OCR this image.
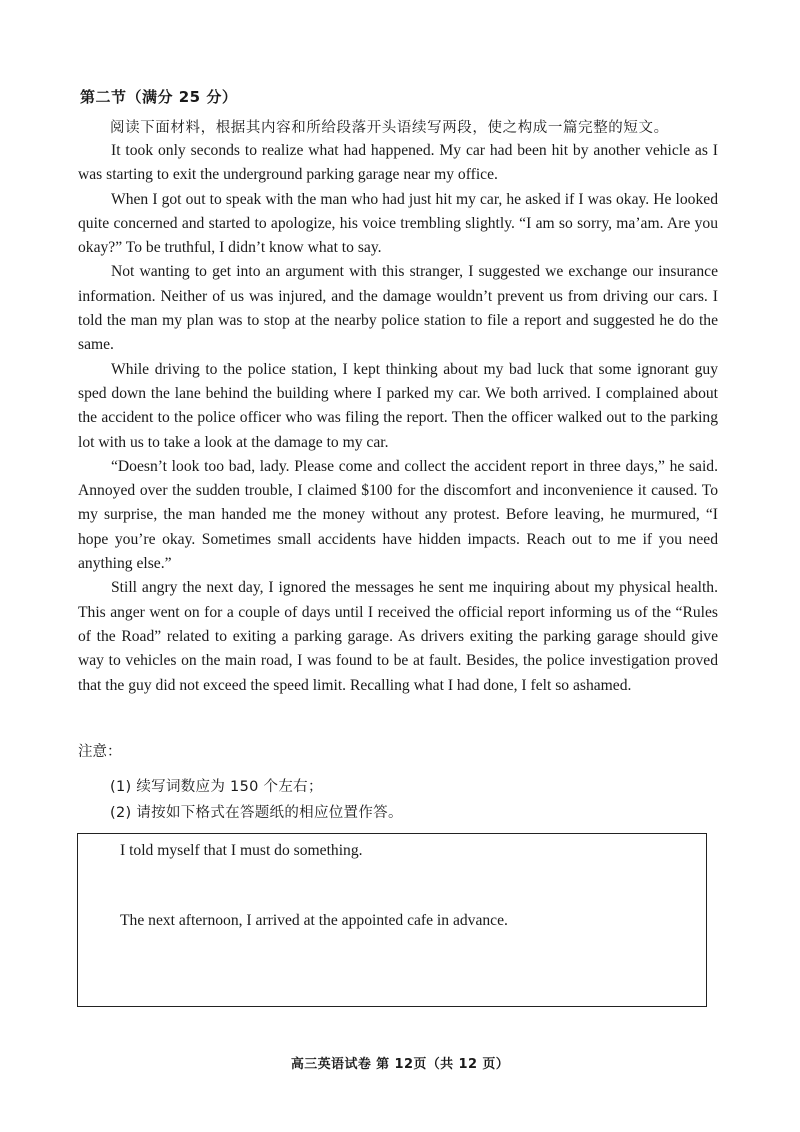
第二节（满分 25 分）
阅读下面材料，根据其内容和所给段落开头语续写两段，使之构成一篇完整的短文。

It took only seconds to realize what had happened. My car had been hit by another vehicle as I was starting to exit the underground parking garage near my office.

When I got out to speak with the man who had just hit my car, he asked if I was okay. He looked quite concerned and started to apologize, his voice trembling slightly. “I am so sorry, ma’am. Are you okay?” To be truthful, I didn’t know what to say.

Not wanting to get into an argument with this stranger, I suggested we exchange our insurance information. Neither of us was injured, and the damage wouldn’t prevent us from driving our cars. I told the man my plan was to stop at the nearby police station to file a report and suggested he do the same.

While driving to the police station, I kept thinking about my bad luck that some ignorant guy sped down the lane behind the building where I parked my car. We both arrived. I complained about the accident to the police officer who was filing the report. Then the officer walked out to the parking lot with us to take a look at the damage to my car.

“Doesn’t look too bad, lady. Please come and collect the accident report in three days,” he said. Annoyed over the sudden trouble, I claimed $100 for the discomfort and inconvenience it caused. To my surprise, the man handed me the money without any protest. Before leaving, he murmured, “I hope you’re okay. Sometimes small accidents have hidden impacts. Reach out to me if you need anything else.”

Still angry the next day, I ignored the messages he sent me inquiring about my physical health. This anger went on for a couple of days until I received the official report informing us of the “Rules of the Road” related to exiting a parking garage. As drivers exiting the parking garage should give way to vehicles on the main road, I was found to be at fault. Besides, the police investigation proved that the guy did not exceed the speed limit. Recalling what I had done, I felt so ashamed.

注意：
(1) 续写词数应为 150 个左右；
(2) 请按如下格式在答题纸的相应位置作答。
I told myself that I must do something.
The next afternoon, I arrived at the appointed cafe in advance.
高三英语试卷 第 12页（共 12 页）
